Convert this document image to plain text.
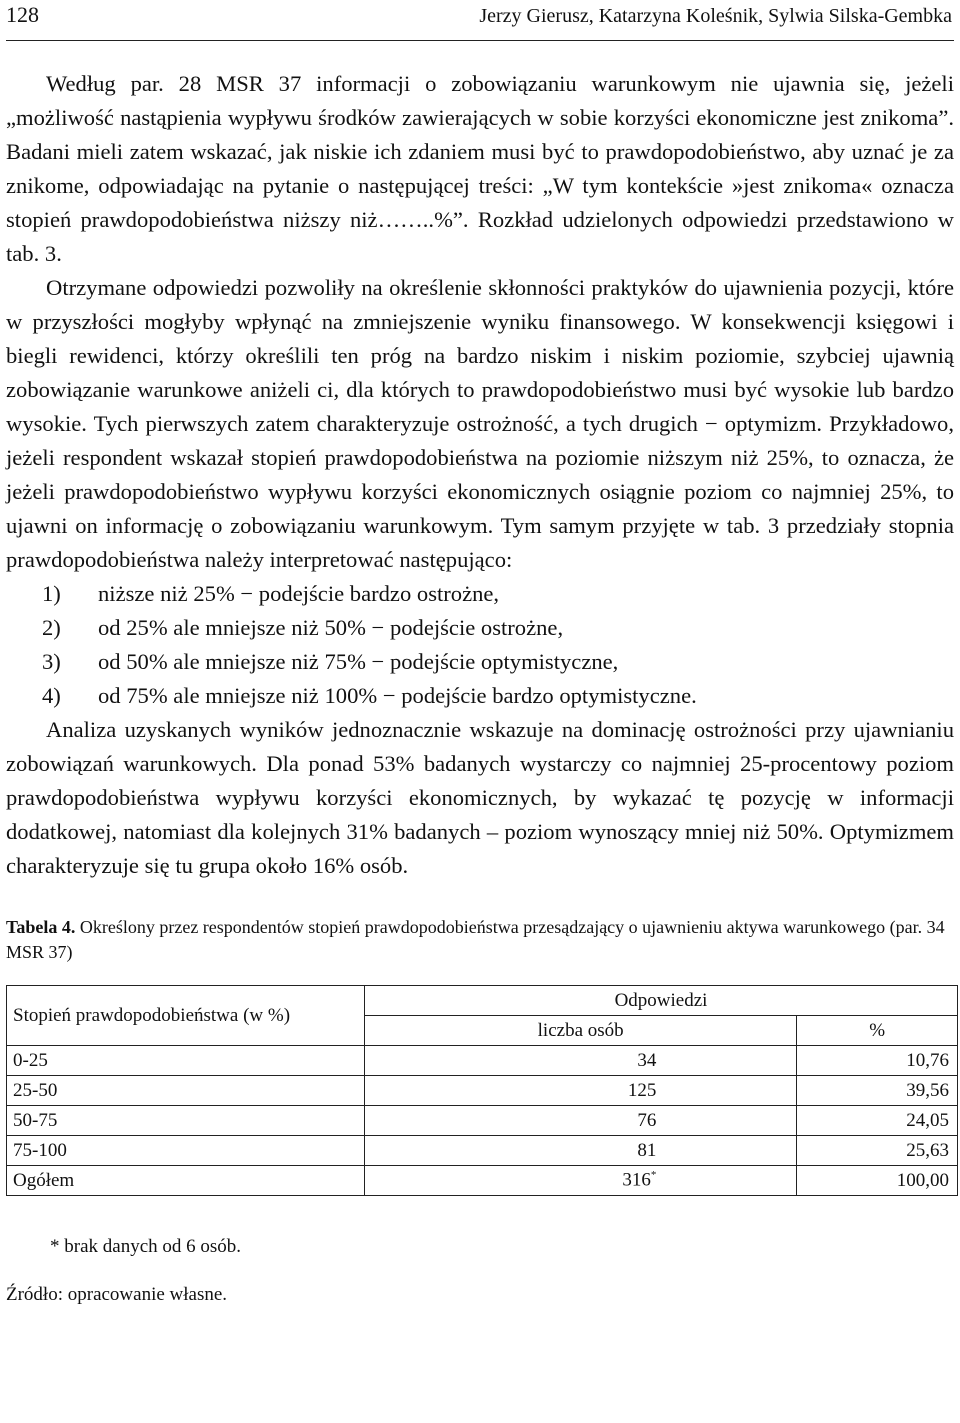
128	Jerzy Gierusz, Katarzyna Koleśnik, Sylwia Silska-Gembka

Według par. 28 MSR 37 informacji o zobowiązaniu warunkowym nie ujawnia się, jeżeli „możliwość nastąpienia wypływu środków zawierających w sobie korzyści ekonomiczne jest znikoma”. Badani mieli zatem wskazać, jak niskie ich zdaniem musi być to prawdopodobieństwo, aby uznać je za znikome, odpowiadając na pytanie o następującej treści: „W tym kontekście »jest znikoma« oznacza stopień prawdopodobieństwa niższy niż……..%”. Rozkład udzielonych odpowiedzi przedstawiono w tab. 3.

Otrzymane odpowiedzi pozwoliły na określenie skłonności praktyków do ujawnienia pozycji, które w przyszłości mogłyby wpłynąć na zmniejszenie wyniku finansowego. W konsekwencji księgowi i biegli rewidenci, którzy określili ten próg na bardzo niskim i niskim poziomie, szybciej ujawnią zobowiązanie warunkowe aniżeli ci, dla których to prawdopodobieństwo musi być wysokie lub bardzo wysokie. Tych pierwszych zatem charakteryzuje ostrożność, a tych drugich − optymizm. Przykładowo, jeżeli respondent wskazał stopień prawdopodobieństwa na poziomie niższym niż 25%, to oznacza, że jeżeli prawdopodobieństwo wypływu korzyści ekonomicznych osiągnie poziom co najmniej 25%, to ujawni on informację o zobowiązaniu warunkowym. Tym samym przyjęte w tab. 3 przedziały stopnia prawdopodobieństwa należy interpretować następująco:

1)	niższe niż 25% − podejście bardzo ostrożne,
2)	od 25% ale mniejsze niż 50% − podejście ostrożne,
3)	od 50% ale mniejsze niż 75% − podejście optymistyczne,
4)	od 75% ale mniejsze niż 100% − podejście bardzo optymistyczne.

Analiza uzyskanych wyników jednoznacznie wskazuje na dominację ostrożności przy ujawnianiu zobowiązań warunkowych. Dla ponad 53% badanych wystarczy co najmniej 25-procentowy poziom prawdopodobieństwa wypływu korzyści ekonomicznych, by wykazać tę pozycję w informacji dodatkowej, natomiast dla kolejnych 31% badanych – poziom wynoszący mniej niż 50%. Optymizmem charakteryzuje się tu grupa około 16% osób.

Tabela 4. Określony przez respondentów stopień prawdopodobieństwa przesądzający o ujawnieniu aktywa warunkowego (par. 34 MSR 37)
Stopień prawdopodobieństwa (w %)	Odpowiedzi	
	liczba osób	%
0-25	34	10,76
25-50	125	39,56
50-75	76	24,05
75-100	81	25,63
Ogółem	316*	100,00
* brak danych od 6 osób.
Źródło: opracowanie własne.
